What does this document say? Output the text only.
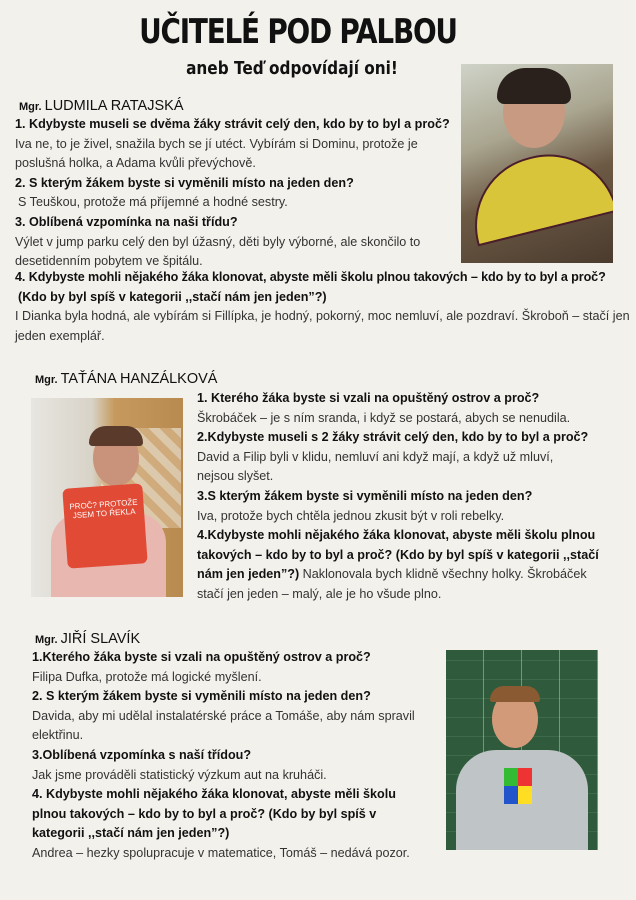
UČITELÉ POD PALBOU
aneb Teď odpovídají oni!
Mgr. LUDMILA RATAJSKÁ

1. Kdybyste museli se dvěma žáky strávit celý den, kdo by to byl a proč?

Iva ne, to je živel, snažila bych se jí utéct. Vybírám si Dominu, protože je poslušná holka, a Adama kvůli převýchově.

2. S kterým žákem byste si vyměnili místo na jeden den?

S Teuškou, protože má příjemné a hodné sestry.

3. Oblíbená vzpomínka na naši třídu?

Výlet v jump parku celý den byl úžasný, děti byly výborné, ale skončilo to desetidenním pobytem ve špitálu.

4. Kdybyste mohli nějakého žáka klonovat, abyste měli školu plnou takových – kdo by to byl a proč?

(Kdo by byl spíš v kategorii ,,stačí nám jen jeden”?)

I Dianka byla hodná, ale vybírám si Fillípka, je hodný, pokorný, moc nemluví, ale pozdraví. Škroboň – stačí jen jeden exemplář.

Mgr. TAŤÁNA HANZÁLKOVÁ
PROČ? PROTOŽE JSEM TO ŘEKLA

1. Kterého žáka byste si vzali na opuštěný ostrov a proč?

Škrobáček – je s ním sranda, i když se postará, abych se nenudila.

2.Kdybyste museli s 2 žáky strávit celý den, kdo by to byl a proč?

David a Filip byli v klidu, nemluví ani když mají, a když už mluví, nejsou slyšet.

3.S kterým žákem byste si vyměnili místo na jeden den?

Iva, protože bych chtěla jednou zkusit být v roli rebelky.

4.Kdybyste mohli nějakého žáka klonovat, abyste měli školu plnou takových – kdo by to byl a proč? (Kdo by byl spíš v kategorii ,,stačí nám jen jeden”?) Naklonovala bych klidně všechny holky. Škrobáček stačí jen jeden – malý, ale je ho všude plno.

Mgr. JIŘÍ SLAVÍK

1.Kterého žáka byste si vzali na opuštěný ostrov a proč?

Filipa Dufka, protože má logické myšlení.

2. S kterým žákem byste si vyměnili místo na jeden den?

Davida, aby mi udělal instalatérské práce a Tomáše, aby nám spravil elektřinu.

3.Oblíbená vzpomínka s naší třídou?

Jak jsme prováděli statistický výzkum aut na kruháči.

4. Kdybyste mohli nějakého žáka klonovat, abyste měli školu plnou takových – kdo by to byl a proč? (Kdo by byl spíš v kategorii ,,stačí nám jen jeden”?)

Andrea – hezky spolupracuje v matematice, Tomáš – nedává pozor.
